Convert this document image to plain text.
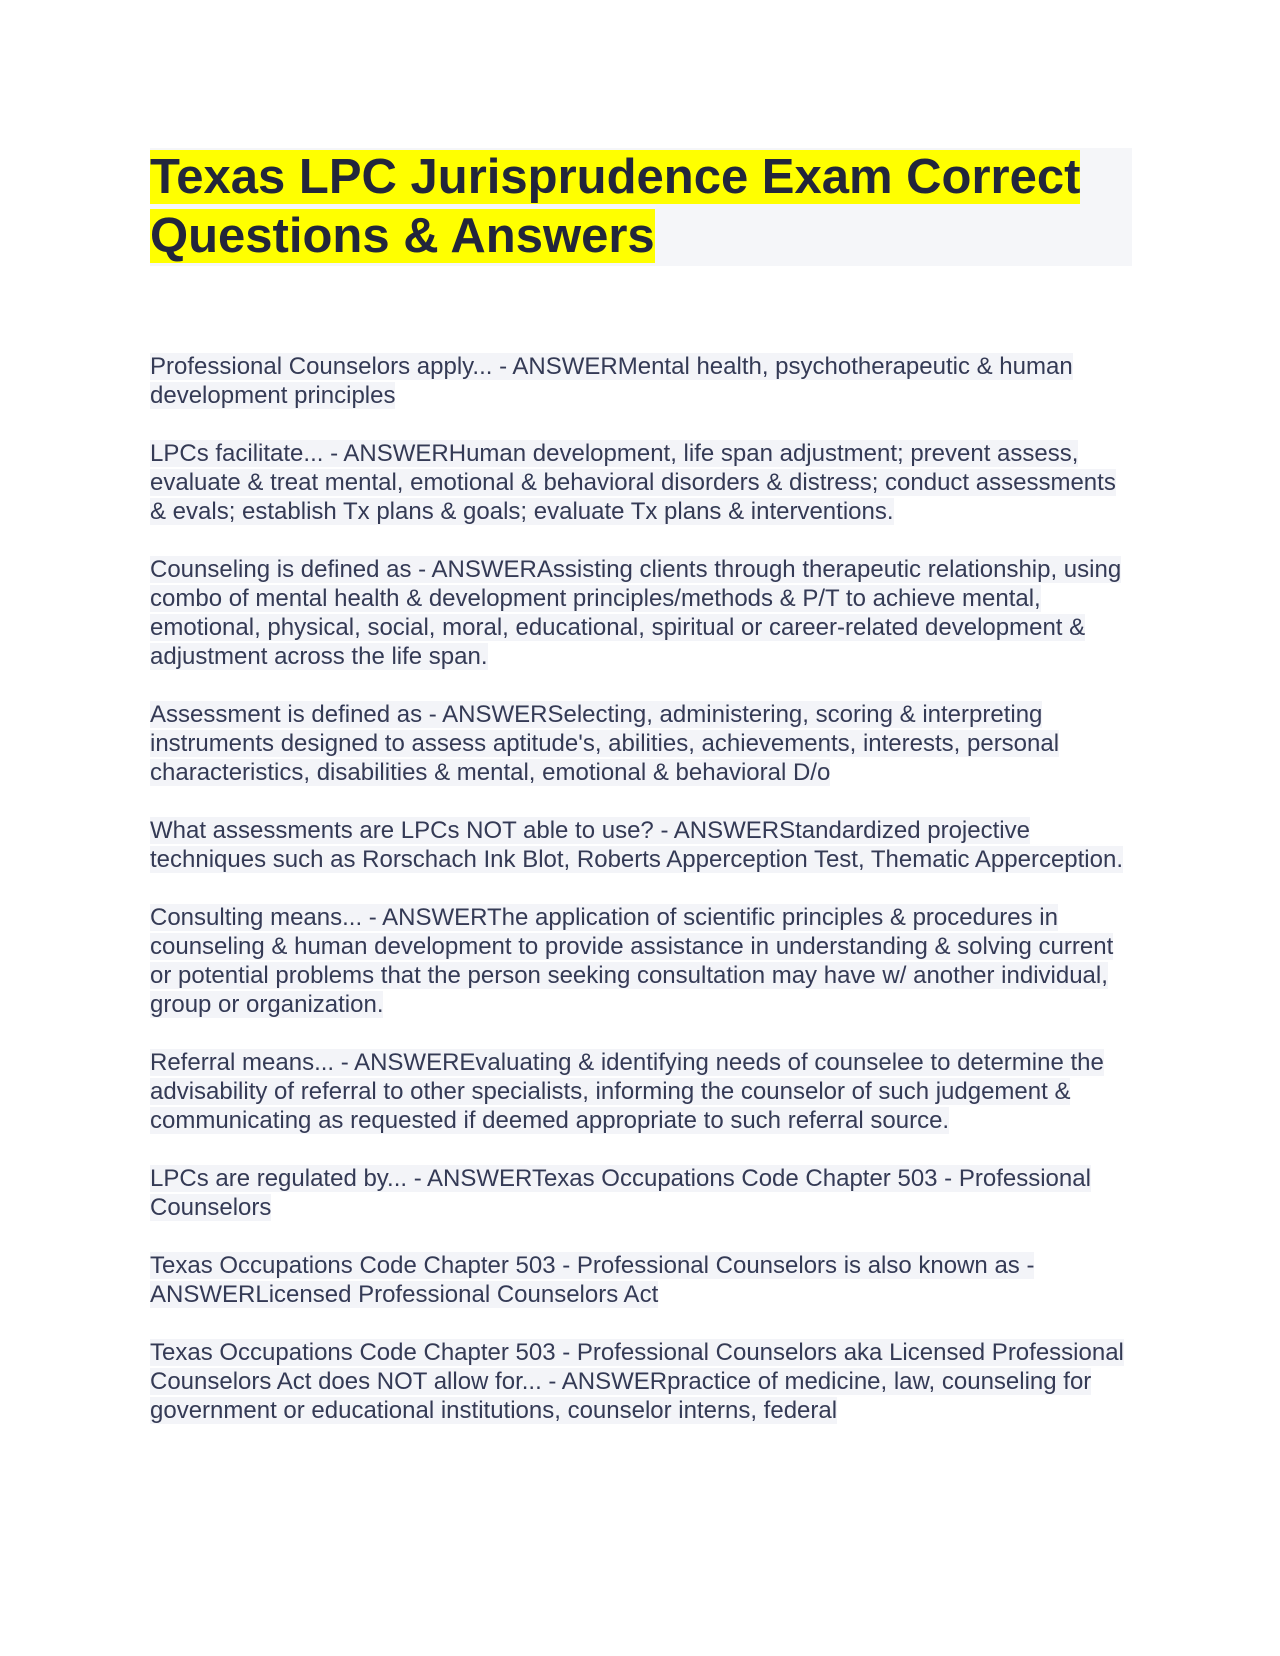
Texas LPC Jurisprudence Exam Correct Questions & Answers

Professional Counselors apply... - ANSWERMental health, psychotherapeutic & human development principles

LPCs facilitate... - ANSWERHuman development, life span adjustment; prevent assess, evaluate & treat mental, emotional & behavioral disorders & distress; conduct assessments & evals; establish Tx plans & goals; evaluate Tx plans & interventions.

Counseling is defined as - ANSWERAssisting clients through therapeutic relationship, using combo of mental health & development principles/methods & P/T to achieve mental, emotional, physical, social, moral, educational, spiritual or career-related development & adjustment across the life span.

Assessment is defined as - ANSWERSelecting, administering, scoring & interpreting instruments designed to assess aptitude's, abilities, achievements, interests, personal characteristics, disabilities & mental, emotional & behavioral D/o

What assessments are LPCs NOT able to use? - ANSWERStandardized projective techniques such as Rorschach Ink Blot, Roberts Apperception Test, Thematic Apperception.

Consulting means... - ANSWERThe application of scientific principles & procedures in counseling & human development to provide assistance in understanding & solving current or potential problems that the person seeking consultation may have w/ another individual, group or organization.

Referral means... - ANSWEREvaluating & identifying needs of counselee to determine the advisability of referral to other specialists, informing the counselor of such judgement & communicating as requested if deemed appropriate to such referral source.

LPCs are regulated by... - ANSWERTexas Occupations Code Chapter 503 - Professional Counselors

Texas Occupations Code Chapter 503 - Professional Counselors is also known as - ANSWERLicensed Professional Counselors Act

Texas Occupations Code Chapter 503 - Professional Counselors aka Licensed Professional Counselors Act does NOT allow for... - ANSWERpractice of medicine, law, counseling for government or educational institutions, counselor interns, federal
